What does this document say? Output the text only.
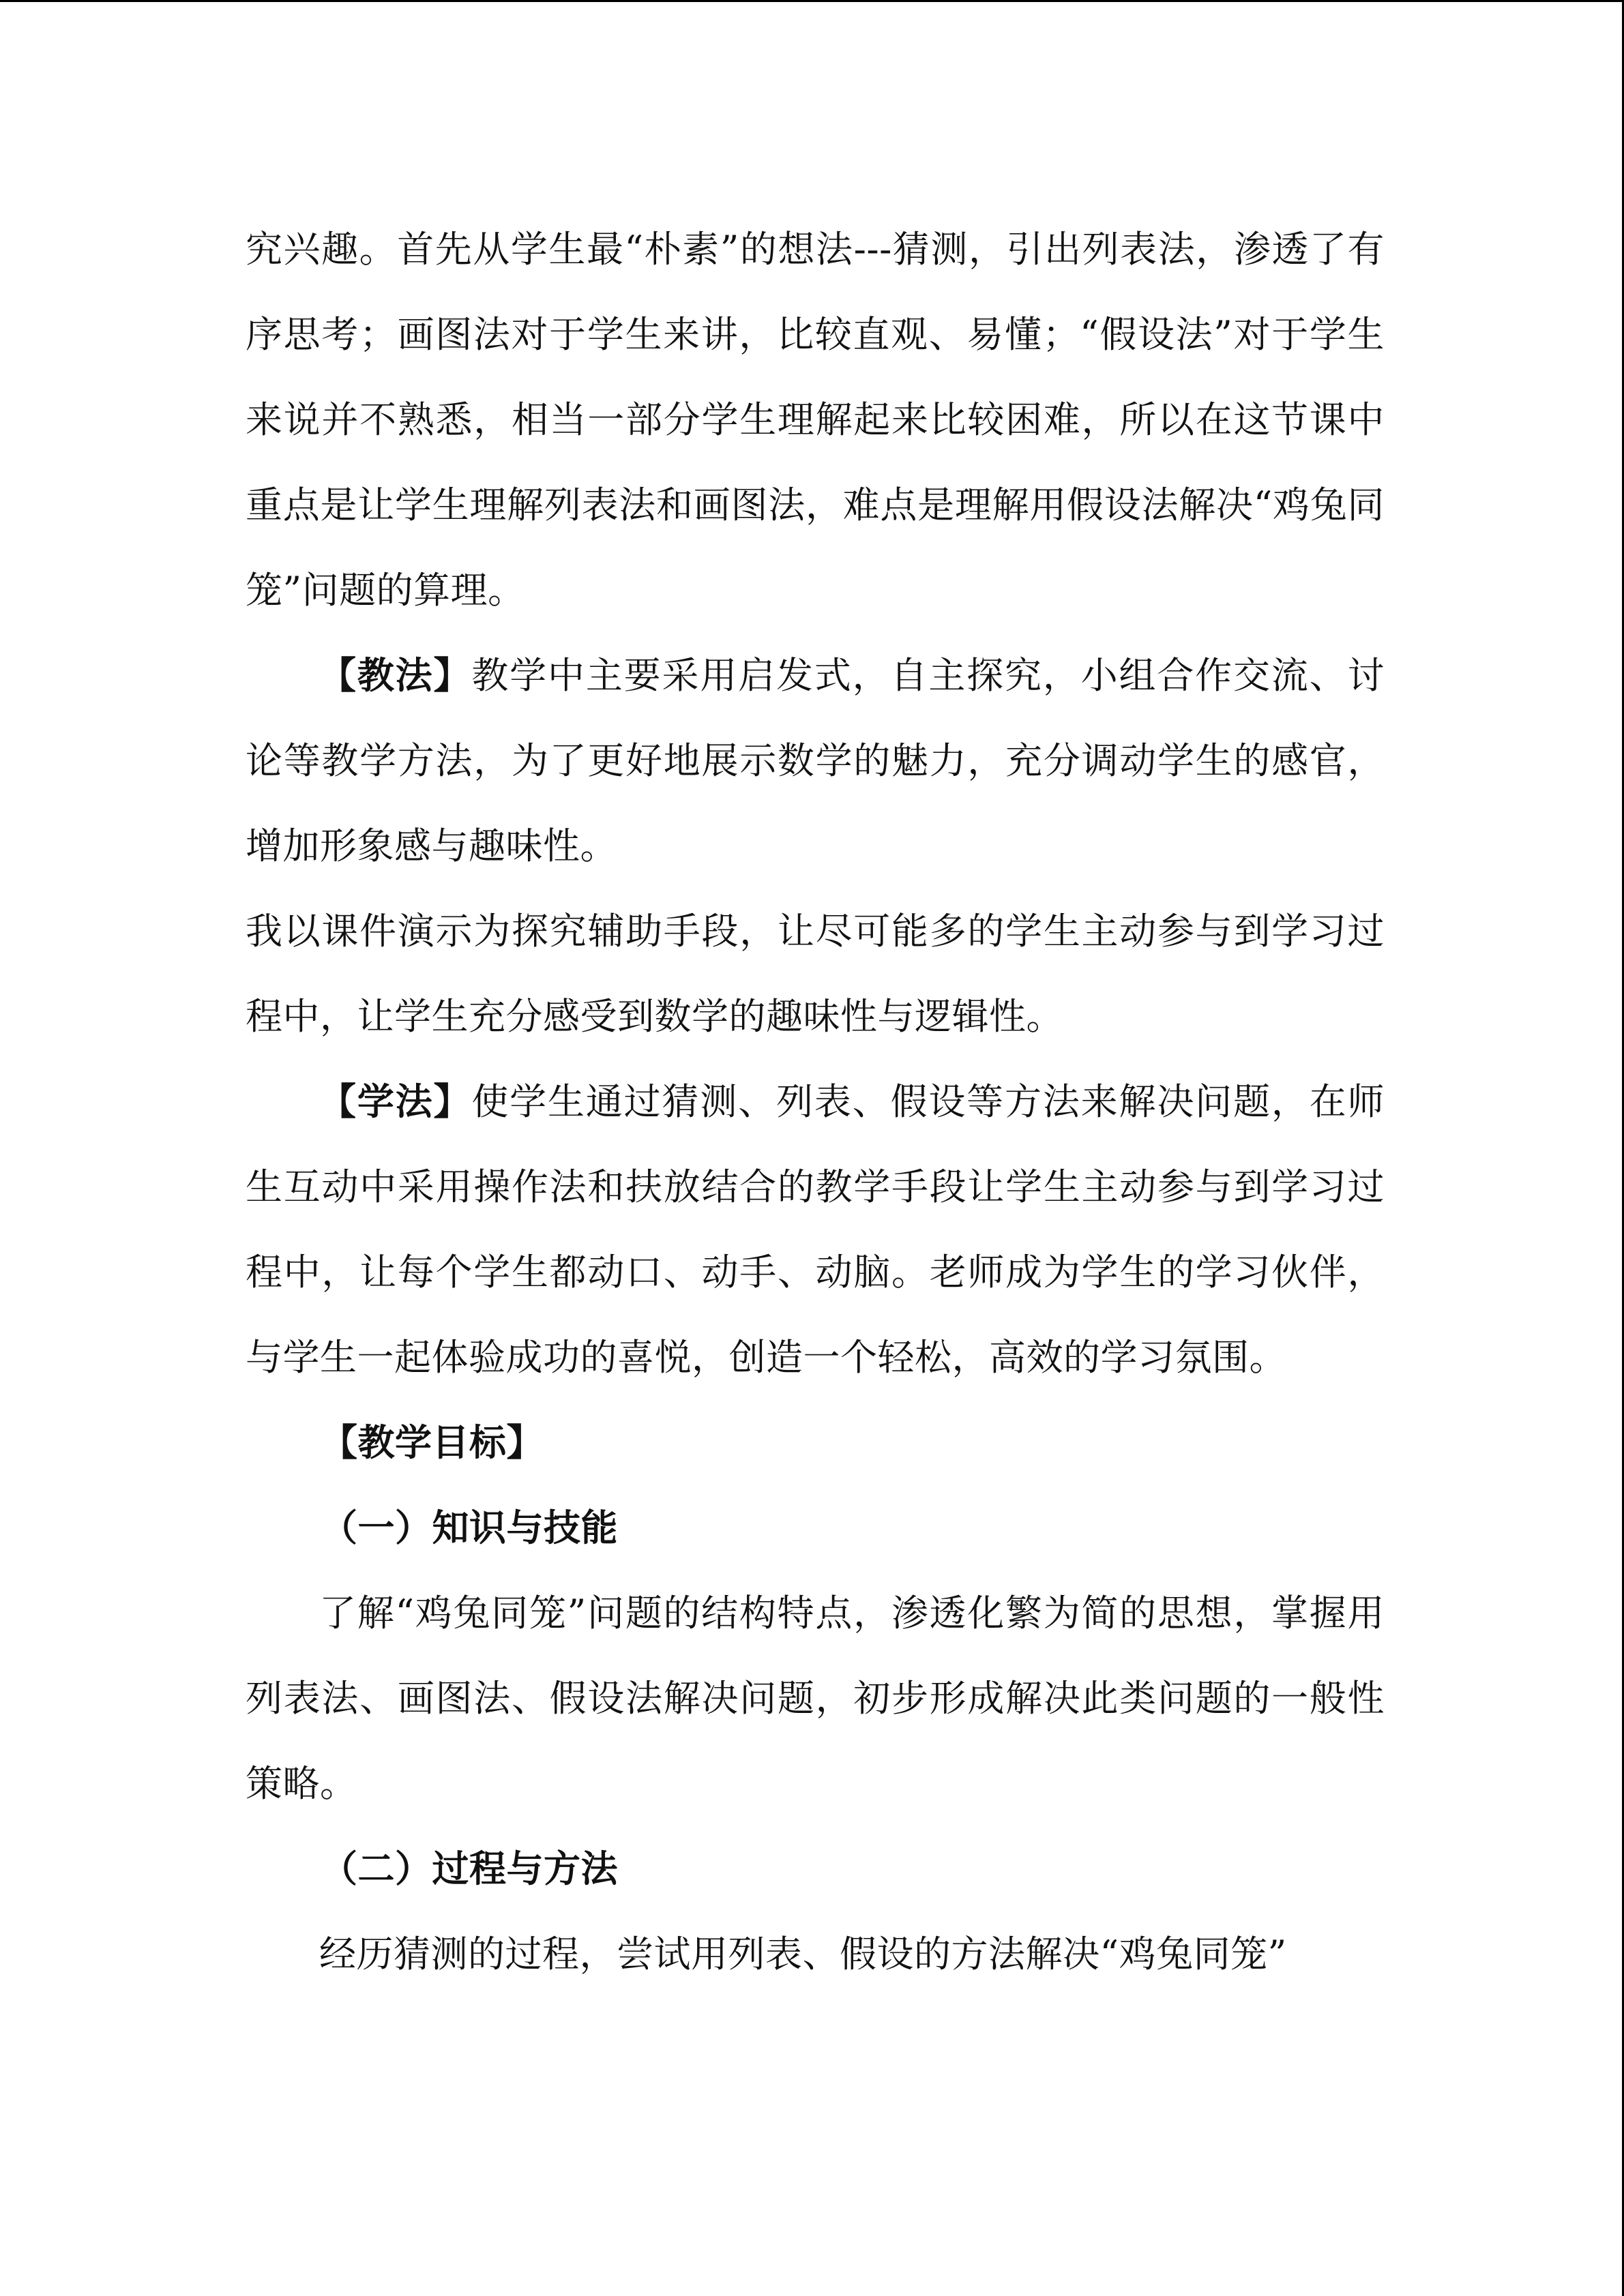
究兴趣。首先从学生最“朴素”的想法---猜测，引出列表法，渗透了有序思考；画图法对于学生来讲，比较直观、易懂；“假设法”对于学生来说并不熟悉，相当一部分学生理解起来比较困难，所以在这节课中重点是让学生理解列表法和画图法，难点是理解用假设法解决“鸡兔同笼”问题的算理。

【教法】教学中主要采用启发式，自主探究，小组合作交流、讨论等教学方法，为了更好地展示数学的魅力，充分调动学生的感官，增加形象感与趣味性。

我以课件演示为探究辅助手段，让尽可能多的学生主动参与到学习过程中，让学生充分感受到数学的趣味性与逻辑性。

【学法】使学生通过猜测、列表、假设等方法来解决问题，在师生互动中采用操作法和扶放结合的教学手段让学生主动参与到学习过程中，让每个学生都动口、动手、动脑。老师成为学生的学习伙伴，与学生一起体验成功的喜悦，创造一个轻松，高效的学习氛围。

【教学目标】

（一）知识与技能

了解“鸡兔同笼”问题的结构特点，渗透化繁为简的思想，掌握用列表法、画图法、假设法解决问题，初步形成解决此类问题的一般性策略。

（二）过程与方法

经历猜测的过程，尝试用列表、假设的方法解决“鸡兔同笼”
